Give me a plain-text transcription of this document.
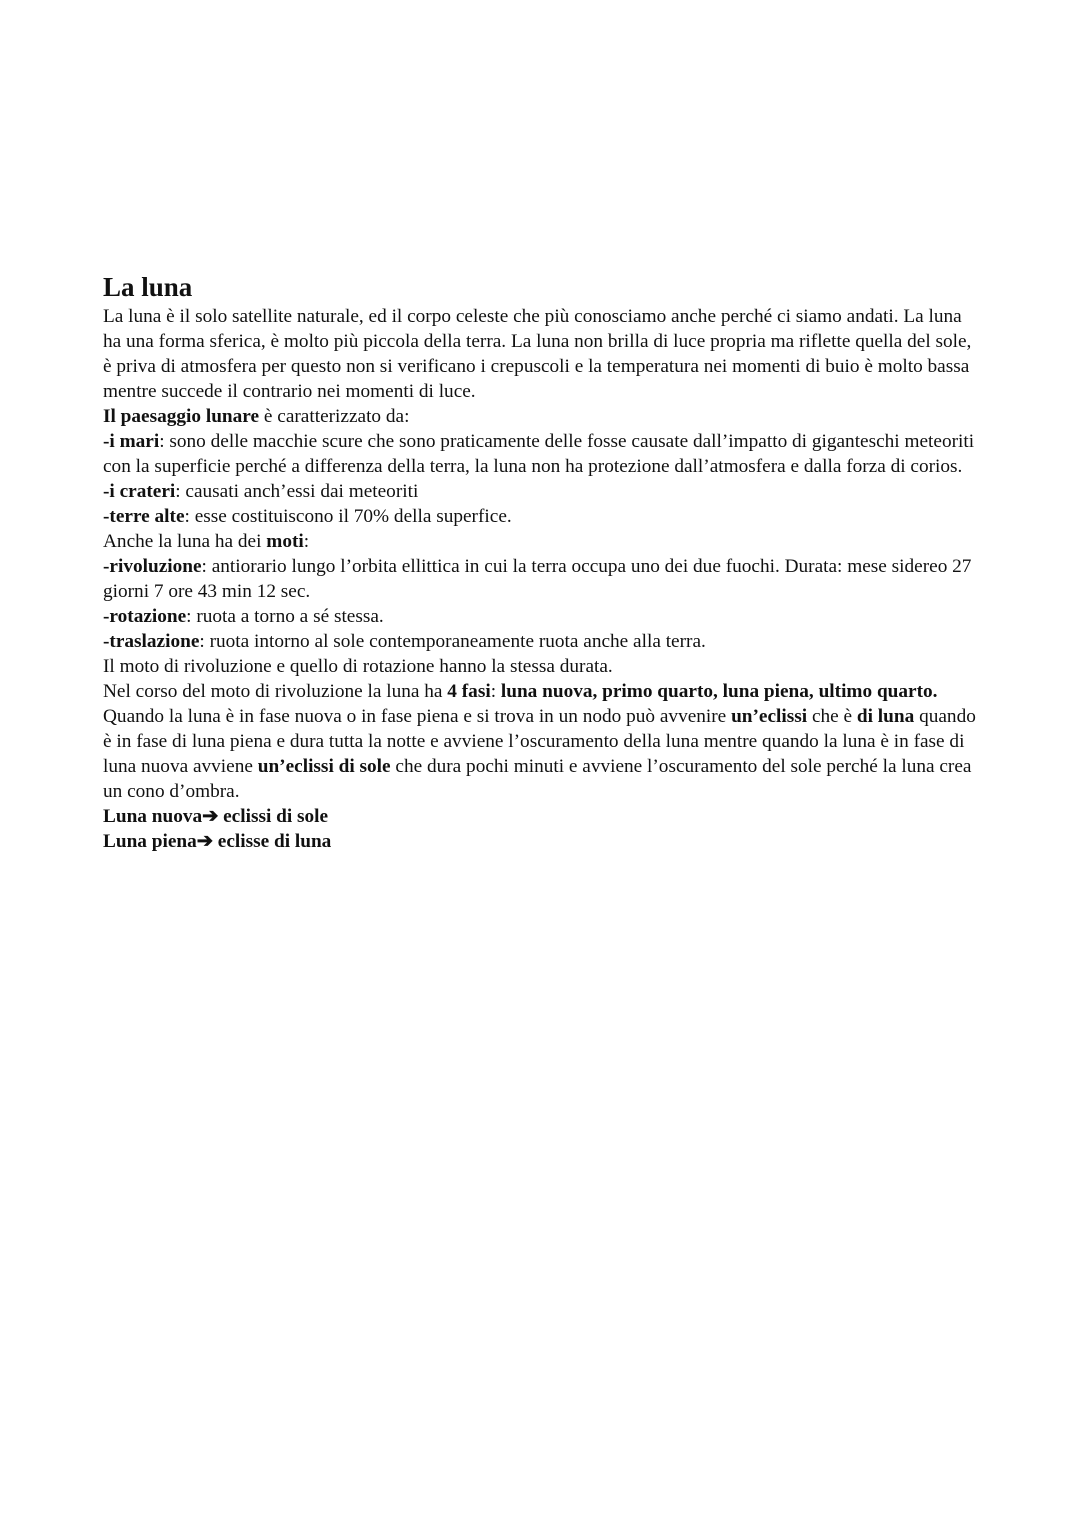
La luna

La luna è il solo satellite naturale, ed il corpo celeste che più conosciamo anche perché ci siamo andati. La luna ha una forma sferica, è molto più piccola della terra. La luna non brilla di luce propria ma riflette quella del sole, è priva di atmosfera per questo non si verificano i crepuscoli e la temperatura nei momenti di buio è molto bassa mentre succede il contrario nei momenti di luce.

Il paesaggio lunare è caratterizzato da:

-i mari: sono delle macchie scure che sono praticamente delle fosse causate dall’impatto di giganteschi meteoriti con la superficie perché a differenza della terra, la luna non ha protezione dall’atmosfera e dalla forza di corios.

-i crateri: causati anch’essi dai meteoriti

-terre alte: esse costituiscono il 70% della superfice.

Anche la luna ha dei moti:

-rivoluzione: antiorario lungo l’orbita ellittica in cui la terra occupa uno dei due fuochi. Durata: mese sidereo 27 giorni 7 ore 43 min 12 sec.

-rotazione: ruota a torno a sé stessa.

-traslazione: ruota intorno al sole contemporaneamente ruota anche alla terra.

Il moto di rivoluzione e quello di rotazione hanno la stessa durata.

Nel corso del moto di rivoluzione la luna ha 4 fasi: luna nuova, primo quarto, luna piena, ultimo quarto.

Quando la luna è in fase nuova o in fase piena e si trova in un nodo può avvenire un’eclissi che è di luna quando è in fase di luna piena e dura tutta la notte e avviene l’oscuramento della luna mentre quando la luna è in fase di luna nuova avviene un’eclissi di sole che dura pochi minuti e avviene l’oscuramento del sole perché la luna crea un cono d’ombra.

Luna nuova➔ eclissi di sole

Luna piena➔ eclisse di luna
